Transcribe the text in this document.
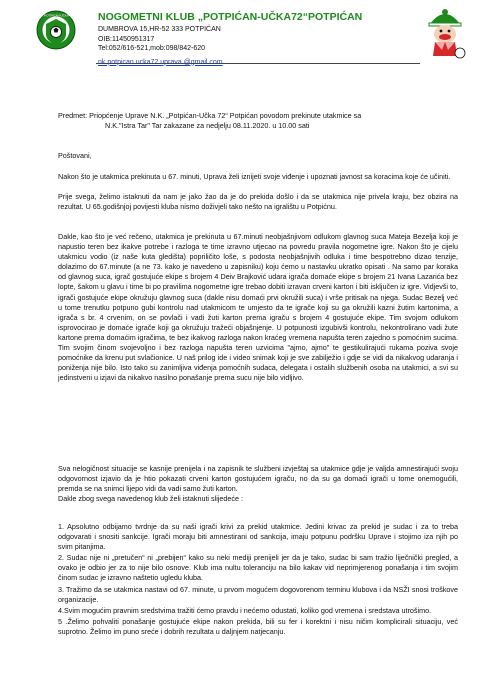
NK POTPIĆAN-UČKA 72 NOGOMETNI KLUB „POTPIĆAN-UČKA72“POTPIĆAN
DUMBROVA 15,HR-52 333 POTPIĆAN
OIB:11450951317
Tel:052/616-521,mob:098/842-620
nk.potpican.ucka72.uprava @gmail.com
Predmet: Priopćenje Uprave N.K. „Potpićan-Učka 72“ Potpićan povodom prekinute utakmice sa
N.K."Istra Tar" Tar zakazane za nedjelju 08.11.2020. u 10.00 sati
Poštovani,
Nakon što je utakmica prekinuta u 67. minuti, Uprava želi iznijeti svoje viđenje i upoznati javnost sa koracima koje će učiniti.
Prije svega, želimo istaknuti da nam je jako žao da je do prekida došlo i da se utakmica nije privela kraju, bez obzira na rezultat. U 65.godišnjoj povijesti kluba nismo doživjeli tako nešto na igralištu u Potpićnu.
Dakle, kao što je već rečeno, utakmica je prekinuta u 67.minuti neobjašnjivom odlukom glavnog suca Mateja Bezelja koji je napustio teren bez ikakve potrebe i razloga te time izravno utjecao na povredu pravila nogometne igre. Nakon što je cijelu utakmicu vodio (iz naše kuta gledišta) popriličito loše, s podosta neobjašnjivih odluka i time bespotrebno dizao tenzije, dolazimo do 67.minute (a ne 73. kako je navedeno u zapisniku) koju ćemo u nastavku ukratko opisati . Na samo par koraka od glavnog suca, igrač gostujuće ekipe s brojem 4 Deiv Brajković udara igrača domaće ekipe s brojem 21 Ivana Lazarića bez lopte, šakom u glavu i time bi po pravilima nogometne igre trebao dobiti izravan crveni karton i biti isključen iz igre. Vidjevši to, igrači gostujuće ekipe okružuju glavnog suca (dakle nisu domaći prvi okružili suca) i vrše pritisak na njega. Sudac Bezelj već u tome trenutku potpuno gubi kontrolu nad utakmicom te umjesto da te igrače koji su ga okružili kazni žutim kartonima, a igrača s br. 4 crvenim, on se povlači i vadi žuti karton prema igraču s brojem 4 gostujuće ekipe. Tim svojom odlukom isprovocirao je domaće igrače koji ga okružuju tražeći objašnjenje. U potpunosti izgubivši kontrolu, nekontrolirano vadi žute kartone prema domaćim igračima, te bez ikakvog razloga nakon kraćeg vremena napušta teren zajedno s pomoćnim sucima. Tim svojim činom svojevoljno i bez razloga napušta teren uzvicima "ajmo, ajmo" te gestikulirajući rukama poziva svoje pomoćnike da krenu put svlačionice. U naš prilog ide i video snimak koji je sve zabilježio i gdje se vidi da nikakvog udaranja i poniženja nije bilo. Isto tako su zanimljiva viđenja pomoćnih sudaca, delegata i ostalih službenih osoba na utakmici, a svi su jedinstveni u izjavi da nikakvo nasilno ponašanje prema sucu nije bilo vidljivo.
Sva nelogičnost situacije se kasnije prenijela i na zapisnik te službeni izvještaj sa utakmice gdje je valjda amnestirajući svoju odgovornost izjavio da je htio pokazati crveni karton gostujućem igraču, no da su ga domaći igrači u tome onemogućili, premda se na snimci lijepo vidi da vadi samo žuti karton.
Dakle zbog svega navedenog klub želi istaknuti slijedeće :

1. Apsolutno odbijamo tvrdnje da su naši igrači krivi za prekid utakmice. Jedini krivac za prekid je sudac i za to treba odgovarati i snositi sankcije. Igrači moraju biti amnestirani od sankcija, imaju potpunu podršku Uprave i stojimo iza njih po svim pitanjima.

2. Sudac nije ni „pretučen“ ni „prebijen“ kako su neki mediji prenijeli jer da je tako, sudac bi sam tražio liječnički pregled, a ovako je odbio jer za to nije bilo osnove. Klub ima nultu toleranciju na bilo kakav vid neprimjerenog ponašanja i tim svojim činom sudac je izravno naštetio ugledu kluba.

3. Tražimo da se utakmica nastavi od 67. minute, u prvom mogućem dogovorenom terminu klubova i da NSŽI snosi troškove organizacije.

4.Svim mogućim pravnim sredstvima tražiti ćemo pravdu i nećemo odustati, koliko god vremena i sredstava utrošimo.

5 .Želimo pohvaliti ponašanje gostujuće ekipe nakon prekida, bili su fer i korektni i nisu ničim komplicirali situaciju, već suprotno. Želimo im puno sreće i dobrih rezultata u daljnjem natjecanju.
